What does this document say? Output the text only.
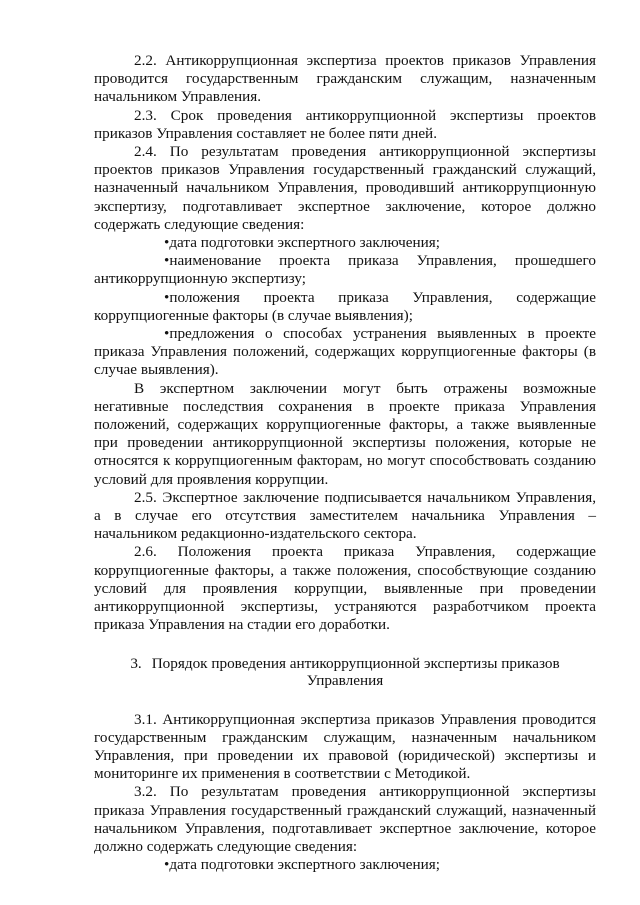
2.2. Антикоррупционная экспертиза проектов приказов Управления проводится государственным гражданским служащим, назначенным начальником Управления.

2.3. Срок проведения антикоррупционной экспертизы проектов приказов Управления составляет не более пяти дней.

2.4. По результатам проведения антикоррупционной экспертизы проектов приказов Управления государственный гражданский служащий, назначенный начальником Управления, проводивший антикоррупционную экспертизу, подготавливает экспертное заключение, которое должно содержать следующие сведения:

•дата подготовки экспертного заключения;

•наименование проекта приказа Управления, прошедшего антикоррупционную экспертизу;

•положения проекта приказа Управления, содержащие коррупциогенные факторы (в случае выявления);

•предложения о способах устранения выявленных в проекте приказа Управления положений, содержащих коррупциогенные факторы (в случае выявления).

В экспертном заключении могут быть отражены возможные негативные последствия сохранения в проекте приказа Управления положений, содержащих коррупциогенные факторы, а также выявленные при проведении антикоррупционной экспертизы положения, которые не относятся к коррупциогенным факторам, но могут способствовать созданию условий для проявления коррупции.

2.5. Экспертное заключение подписывается начальником Управления, а в случае его отсутствия заместителем начальника Управления – начальником редакционно-издательского сектора.

2.6. Положения проекта приказа Управления, содержащие коррупциогенные факторы, а также положения, способствующие созданию условий для проявления коррупции, выявленные при проведении антикоррупционной экспертизы, устраняются разработчиком проекта приказа Управления на стадии его доработки.

3. Порядок проведения антикоррупционной экспертизы приказов
Управления

3.1. Антикоррупционная экспертиза приказов Управления проводится государственным гражданским служащим, назначенным начальником Управления, при проведении их правовой (юридической) экспертизы и мониторинге их применения в соответствии с Методикой.

3.2. По результатам проведения антикоррупционной экспертизы приказа Управления государственный гражданский служащий, назначенный начальником Управления, подготавливает экспертное заключение, которое должно содержать следующие сведения:

•дата подготовки экспертного заключения;
